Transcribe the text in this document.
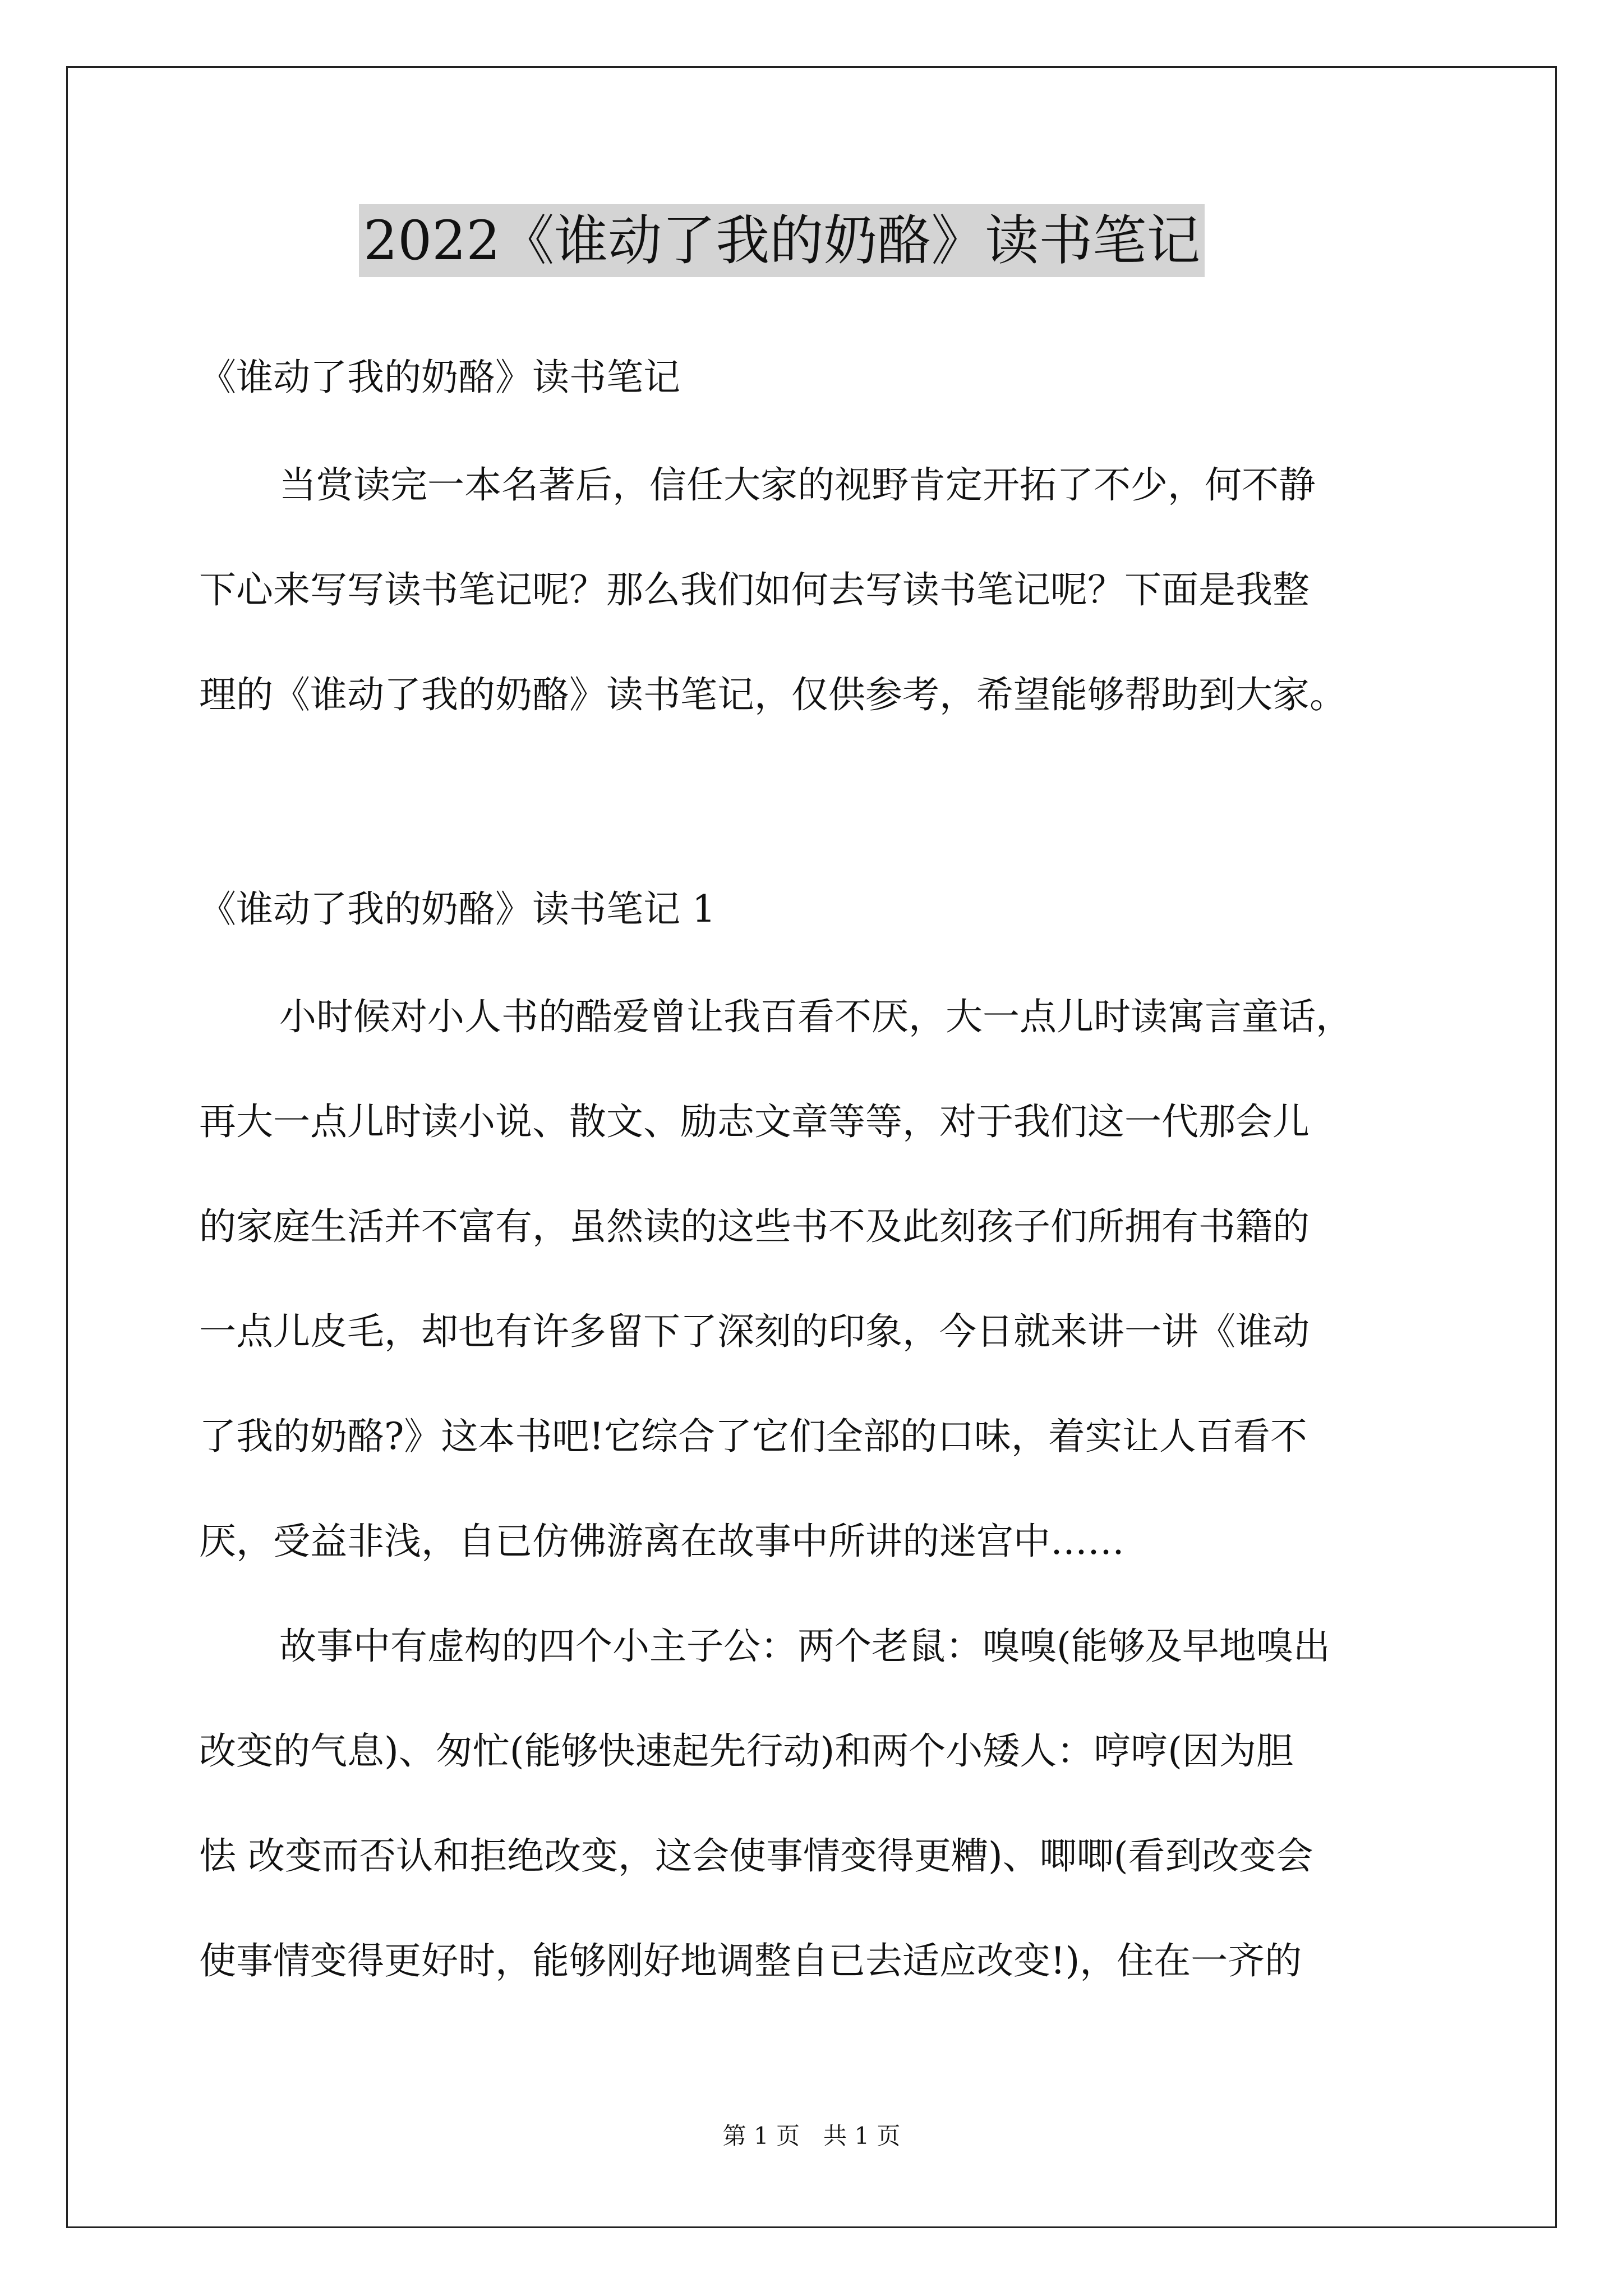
2022《谁动了我的奶酪》读书笔记
《谁动了我的奶酪》读书笔记
当赏读完一本名著后，信任大家的视野肯定开拓了不少，何不静
下心来写写读书笔记呢？那么我们如何去写读书笔记呢？下面是我整
理的《谁动了我的奶酪》读书笔记，仅供参考，希望能够帮助到大家。
《谁动了我的奶酪》读书笔记 1
小时候对小人书的酷爱曾让我百看不厌，大一点儿时读寓言童话，
再大一点儿时读小说、散文、励志文章等等，对于我们这一代那会儿
的家庭生活并不富有，虽然读的这些书不及此刻孩子们所拥有书籍的
一点儿皮毛，却也有许多留下了深刻的印象，今日就来讲一讲《谁动
了我的奶酪?》这本书吧!它综合了它们全部的口味，着实让人百看不
厌，受益非浅，自已仿佛游离在故事中所讲的迷宫中……
故事中有虚构的四个小主子公：两个老鼠：嗅嗅(能够及早地嗅出
改变的气息)、匆忙(能够快速起先行动)和两个小矮人：哼哼(因为胆
怯 改变而否认和拒绝改变，这会使事情变得更糟)、唧唧(看到改变会
使事情变得更好时，能够刚好地调整自已去适应改变!)，住在一齐的
第 1 页　共 1 页
